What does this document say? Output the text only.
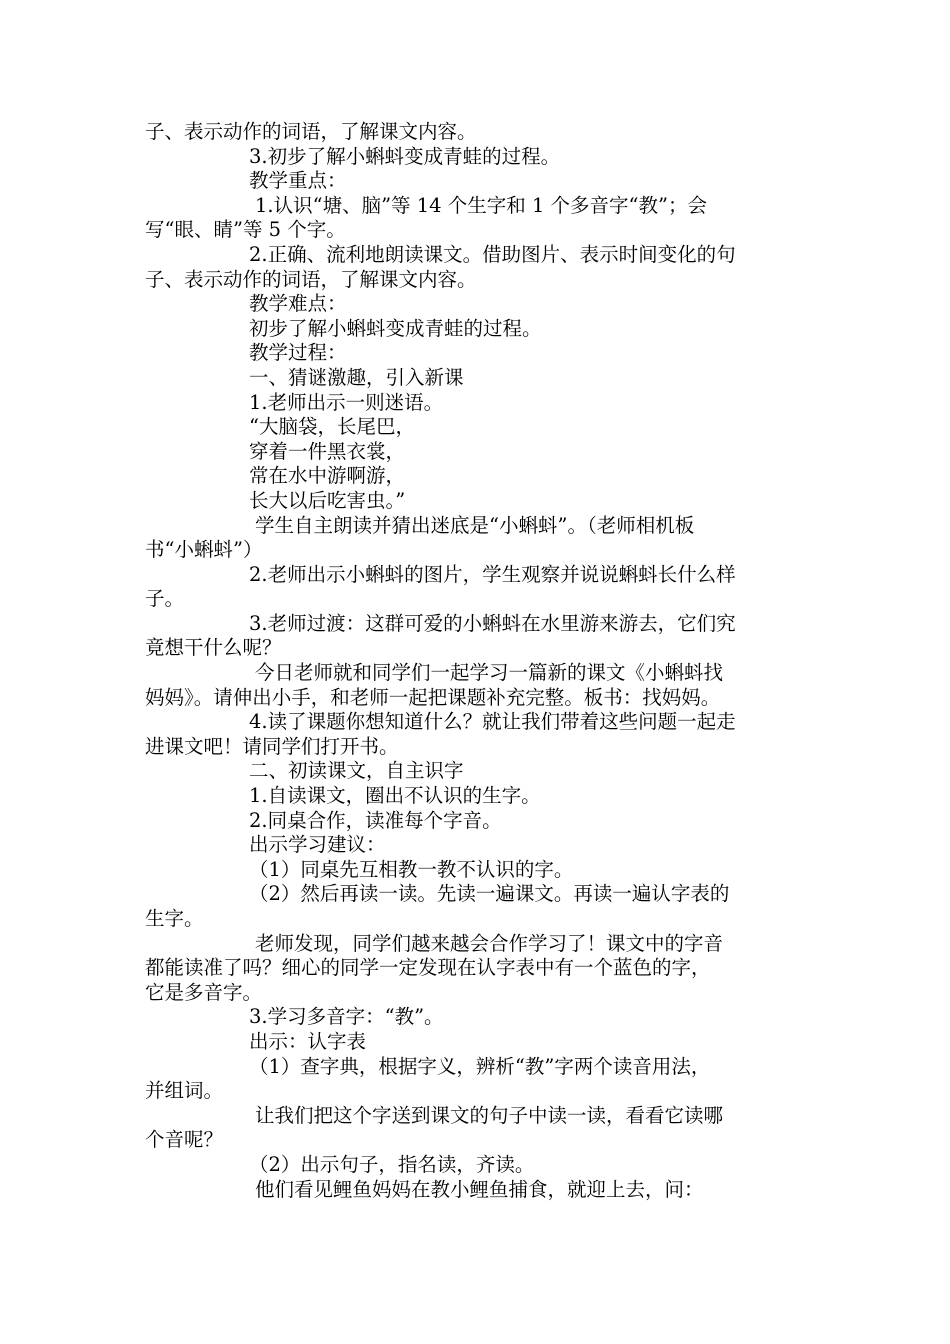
子、表示动作的词语，了解课文内容。

3.初步了解小蝌蚪变成青蛙的过程。

教学重点：

1.认识“塘、脑”等 14 个生字和 1 个多音字“教”；会

写“眼、睛”等 5 个字。

2.正确、流利地朗读课文。借助图片、表示时间变化的句

子、表示动作的词语，了解课文内容。

教学难点：

初步了解小蝌蚪变成青蛙的过程。

教学过程：

一、猜谜激趣，引入新课

1.老师出示一则迷语。

“大脑袋，长尾巴，

穿着一件黑衣裳，

常在水中游啊游，

长大以后吃害虫。”

学生自主朗读并猜出迷底是“小蝌蚪”。（老师相机板

书“小蝌蚪”）

2.老师出示小蝌蚪的图片，学生观察并说说蝌蚪长什么样

子。

3.老师过渡：这群可爱的小蝌蚪在水里游来游去，它们究

竟想干什么呢？

今日老师就和同学们一起学习一篇新的课文《小蝌蚪找

妈妈》。请伸出小手，和老师一起把课题补充完整。板书：找妈妈。

4.读了课题你想知道什么？就让我们带着这些问题一起走

进课文吧！请同学们打开书。

二、初读课文，自主识字

1.自读课文，圈出不认识的生字。

2.同桌合作，读准每个字音。

出示学习建议：

（1）同桌先互相教一教不认识的字。

（2）然后再读一读。先读一遍课文。再读一遍认字表的

生字。

老师发现，同学们越来越会合作学习了！课文中的字音

都能读准了吗？细心的同学一定发现在认字表中有一个蓝色的字，

它是多音字。

3.学习多音字：“教”。

出示：认字表

（1）查字典，根据字义，辨析“教”字两个读音用法，

并组词。

让我们把这个字送到课文的句子中读一读，看看它读哪

个音呢？

（2）出示句子，指名读，齐读。

他们看见鲤鱼妈妈在教小鲤鱼捕食，就迎上去，问：
